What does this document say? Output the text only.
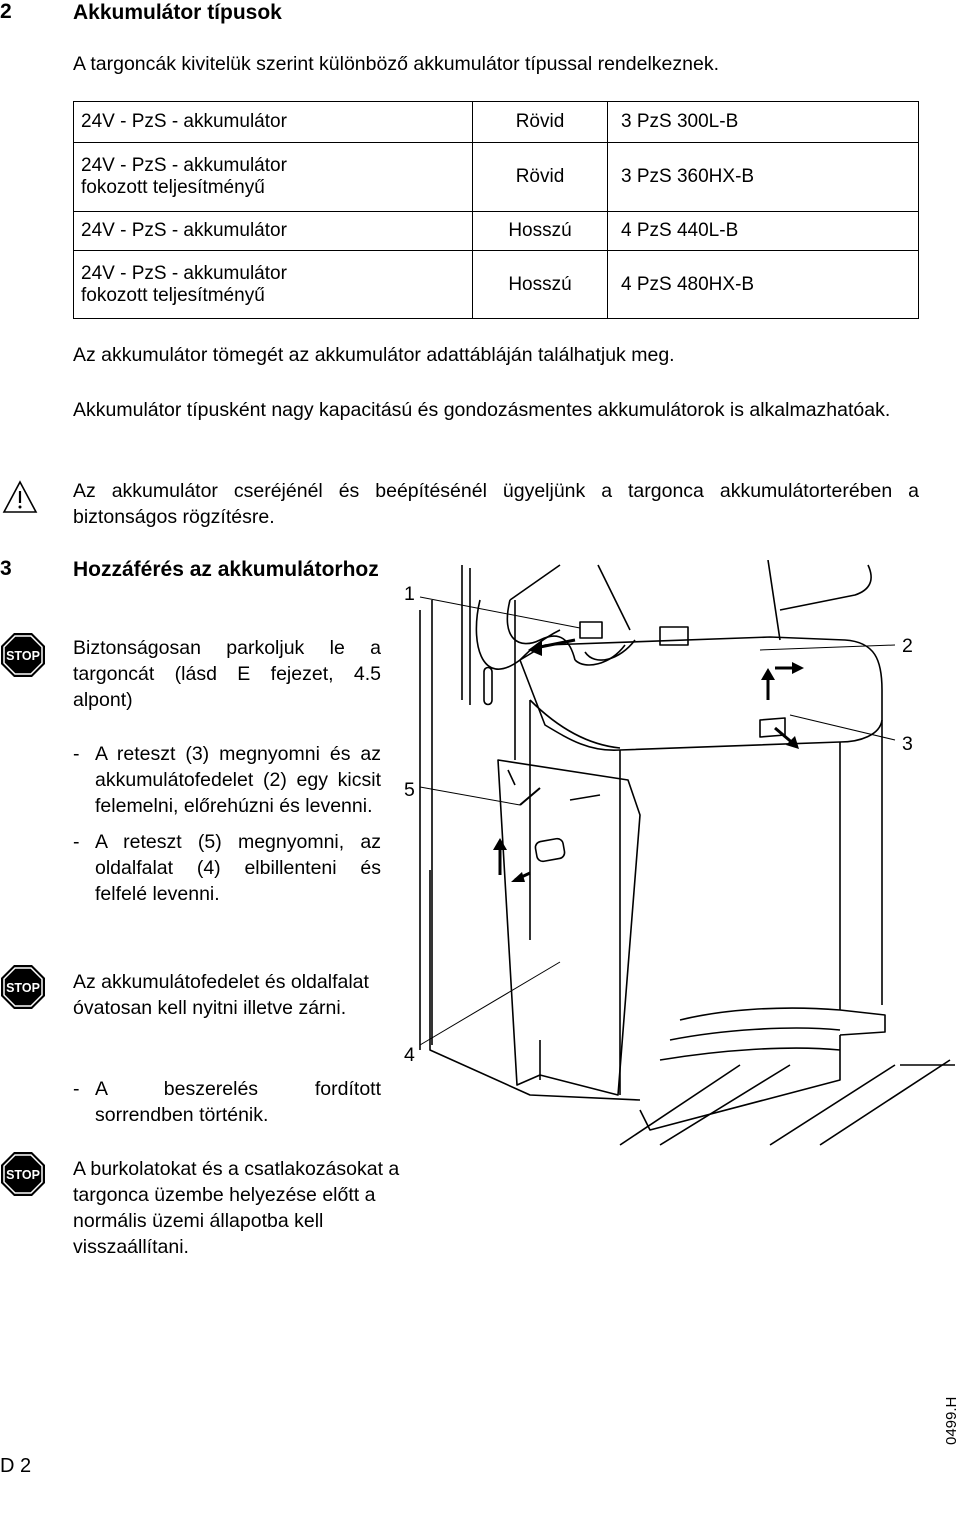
2	Akkumulátor típusok
A targoncák kivitelük szerint különböző akkumulátor típussal rendelkeznek.
24V - PzS - akkumulátor	Rövid	3 PzS 300L-B

24V - PzS - akkumulátor fokozott teljesítményű	Rövid	3 PzS 360HX-B
24V - PzS - akkumulátor	Hosszú	4 PzS 440L-B

24V - PzS - akkumulátor fokozott teljesítményű	Hosszú	4 PzS 480HX-B
Az akkumulátor tömegét az akkumulátor adattábláján találhatjuk meg.
Akkumulátor típusként nagy kapacitású és gondozásmentes akkumulátorok is alkalmazhatóak.
Az akkumulátor cseréjénél és beépítésénél ügyeljünk a targonca akkumulátorterében a biztonságos rögzítésre.
3	Hozzáférés az akkumulátorhoz
STOP Biztonságosan parkoljuk le a targoncát (lásd E fejezet, 4.5 alpont)
- A reteszt (3) megnyomni és az akkumulátofedelet (2) egy kicsit felemelni, előrehúzni és levenni.
- A reteszt (5) megnyomni, az oldalfalat (4) elbillenteni és felfelé levenni.
STOP Az akkumulátofedelet és oldalfalat óvatosan kell nyitni illetve zárni.
- A beszerelés fordított sorrendben történik.
STOP A burkolatokat és a csatlakozásokat a targonca üzembe helyezése előtt a normális üzemi állapotba kell visszaállítani.
1
2
3
4
5
D 2
0499.H
